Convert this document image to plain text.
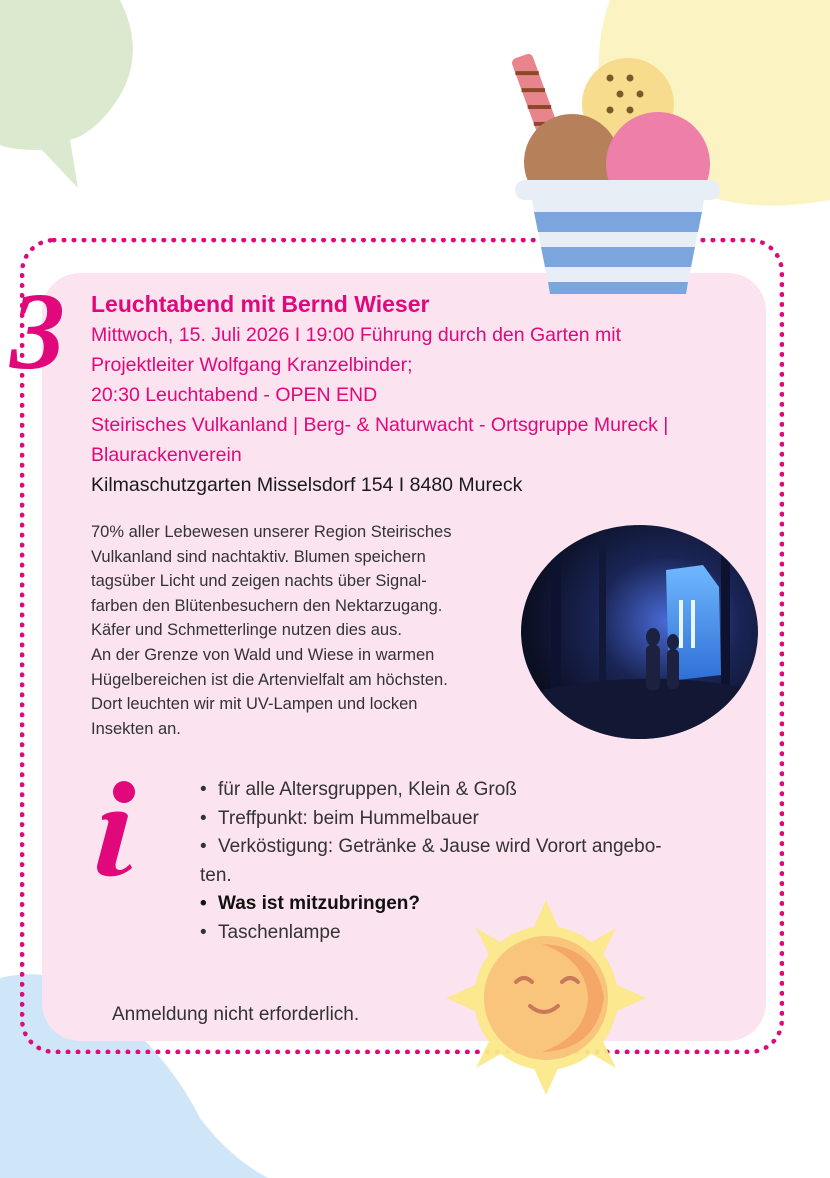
3 Leuchtabend mit Bernd Wieser
Mittwoch, 15. Juli 2026 I 19:00 Führung durch den Garten mit
Projektleiter Wolfgang Kranzelbinder;
20:30 Leuchtabend - OPEN END
Steirisches Vulkanland | Berg- & Naturwacht - Ortsgruppe Mureck |
Blaurackenverein
Kilmaschutzgarten Misselsdorf 154 I 8480 Mureck
70% aller Lebewesen unserer Region Steirisches
Vulkanland sind nachtaktiv. Blumen speichern
tagsüber Licht und zeigen nachts über Signal-
farben den Blütenbesuchern den Nektarzugang.
Käfer und Schmetterlinge nutzen dies aus.
An der Grenze von Wald und Wiese in warmen
Hügelbereichen ist die Artenvielfalt am höchsten.
Dort leuchten wir mit UV-Lampen und locken
Insekten an.
• für alle Altersgruppen, Klein & Groß
• Treffpunkt: beim Hummelbauer
• Verköstigung: Getränke & Jause wird Vorort angebo-
ten.
• Was ist mitzubringen?
• Taschenlampe
Anmeldung nicht erforderlich.
